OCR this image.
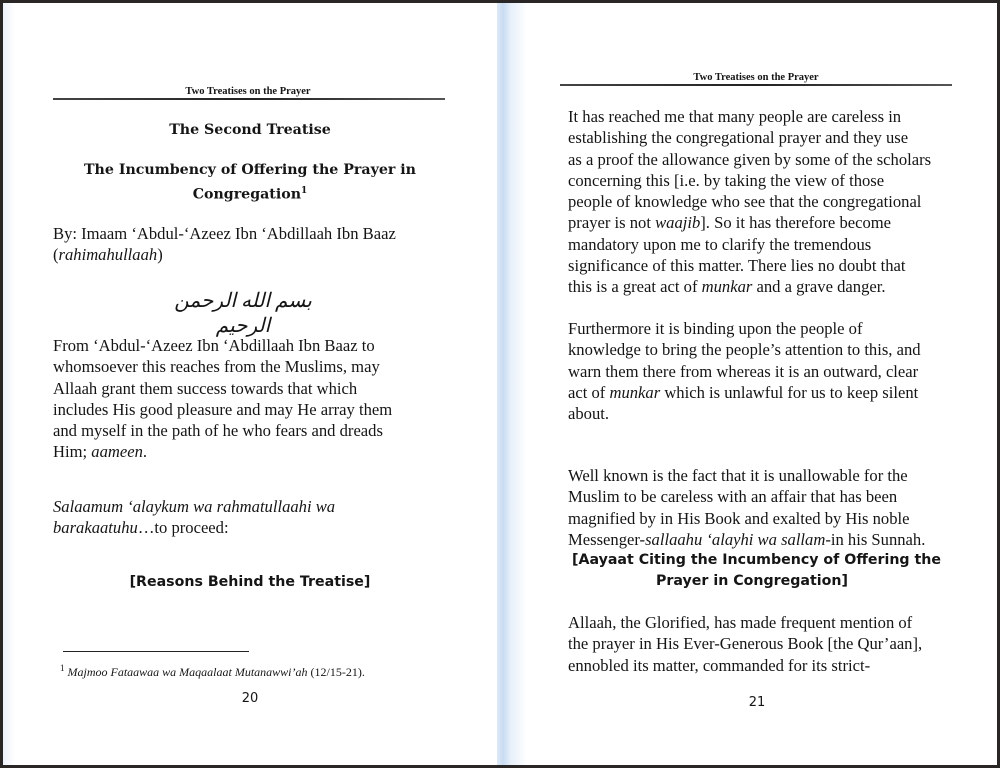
Two Treatises on the Prayer
The Second Treatise
The Incumbency of Offering the Prayer in
Congregation$^1$
By: Imaam ‘Abdul-‘Azeez Ibn ‘Abdillaah Ibn Baaz
(rahimahullaah)
بسم الله الرحمن الرحيم
From ‘Abdul-‘Azeez Ibn ‘Abdillaah Ibn Baaz to
whomsoever this reaches from the Muslims, may
Allaah grant them success towards that which
includes His good pleasure and may He array them
and myself in the path of he who fears and dreads
Him; aameen.
Salaamum ‘alaykum wa rahmatullaahi wa
barakaatuhu…to proceed:
[Reasons Behind the Treatise]
$^1$ Majmoo Fataawaa wa Maqaalaat Mutanawwi’ah (12/15-21).
20
Two Treatises on the Prayer
It has reached me that many people are careless in
establishing the congregational prayer and they use
as a proof the allowance given by some of the scholars
concerning this [i.e. by taking the view of those
people of knowledge who see that the congregational
prayer is not waajib]. So it has therefore become
mandatory upon me to clarify the tremendous
significance of this matter. There lies no doubt that
this is a great act of munkar and a grave danger.
Furthermore it is binding upon the people of
knowledge to bring the people’s attention to this, and
warn them there from whereas it is an outward, clear
act of munkar which is unlawful for us to keep silent
about.
Well known is the fact that it is unallowable for the
Muslim to be careless with an affair that has been
magnified by in His Book and exalted by His noble
Messenger-sallaahu ‘alayhi wa sallam-in his Sunnah.
[Aayaat Citing the Incumbency of Offering the
Prayer in Congregation]
Allaah, the Glorified, has made frequent mention of
the prayer in His Ever-Generous Book [the Qur’aan],
ennobled its matter, commanded for its strict-
21
